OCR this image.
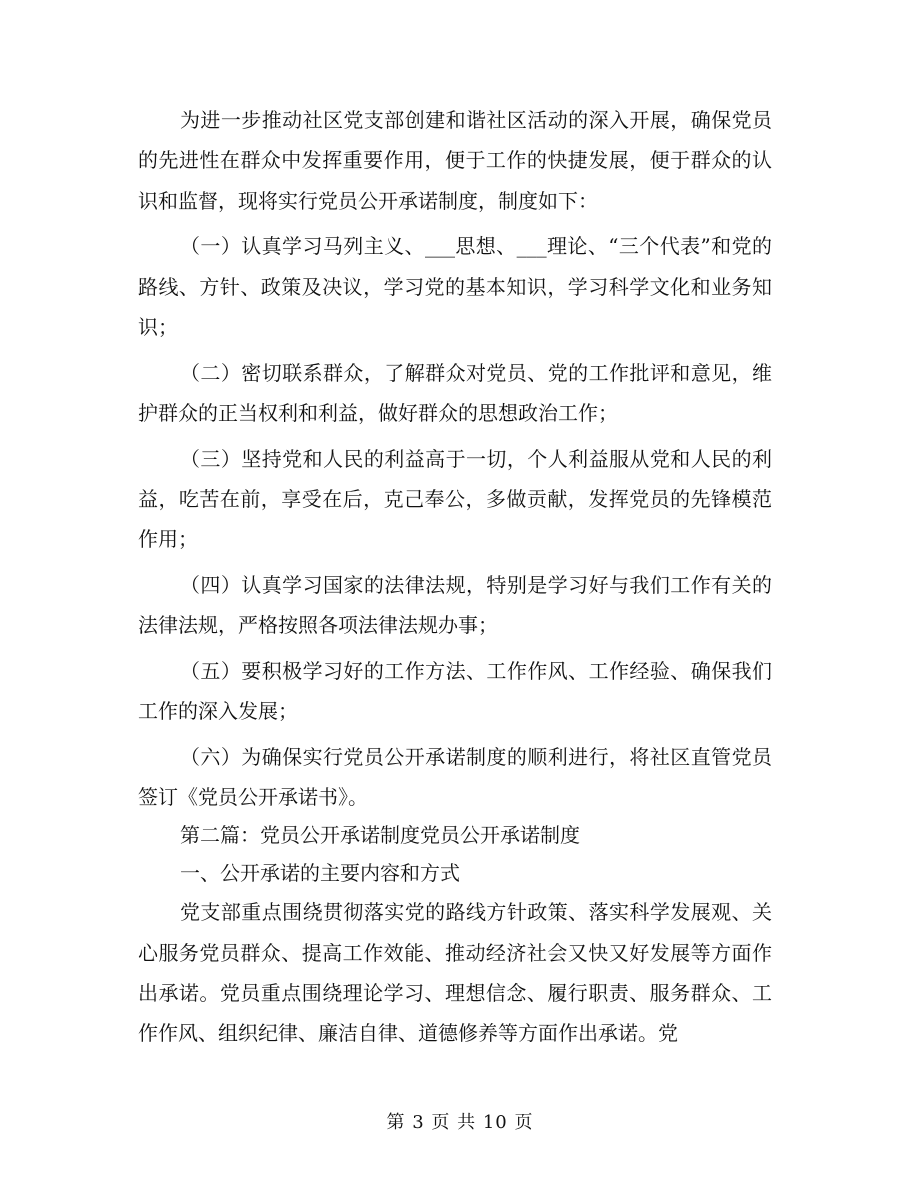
为进一步推动社区党支部创建和谐社区活动的深入开展，确保党员的先进性在群众中发挥重要作用，便于工作的快捷发展，便于群众的认识和监督，现将实行党员公开承诺制度，制度如下：

（一）认真学习马列主义、___思想、___理论、“三个代表”和党的路线、方针、政策及决议，学习党的基本知识，学习科学文化和业务知识；

（二）密切联系群众，了解群众对党员、党的工作批评和意见，维护群众的正当权利和利益，做好群众的思想政治工作；

（三）坚持党和人民的利益高于一切，个人利益服从党和人民的利益，吃苦在前，享受在后，克己奉公，多做贡献，发挥党员的先锋模范作用；

（四）认真学习国家的法律法规，特别是学习好与我们工作有关的法律法规，严格按照各项法律法规办事；

（五）要积极学习好的工作方法、工作作风、工作经验、确保我们工作的深入发展；

（六）为确保实行党员公开承诺制度的顺利进行，将社区直管党员签订《党员公开承诺书》。

第二篇：党员公开承诺制度党员公开承诺制度

一、公开承诺的主要内容和方式

党支部重点围绕贯彻落实党的路线方针政策、落实科学发展观、关心服务党员群众、提高工作效能、推动经济社会又快又好发展等方面作出承诺。党员重点围绕理论学习、理想信念、履行职责、服务群众、工作作风、组织纪律、廉洁自律、道德修养等方面作出承诺。党

第 3 页 共 10 页
